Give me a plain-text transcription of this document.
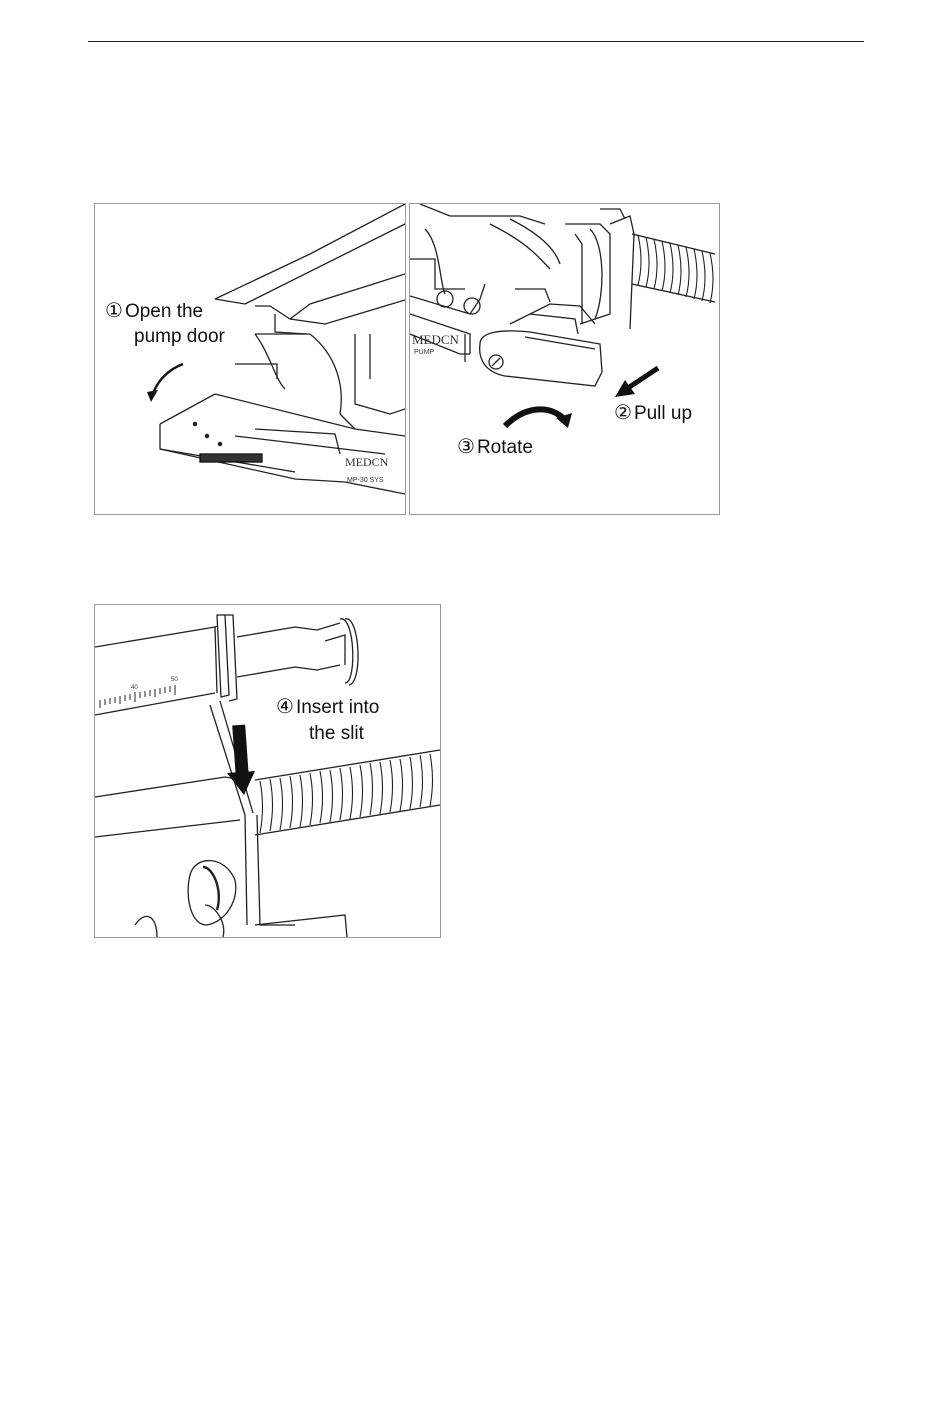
MEDCN
MP-30 SYS
① Open the
pump door	MEDCN
PUMP
② Pull up
③ Rotate
40
50
④ Insert into
the slit
